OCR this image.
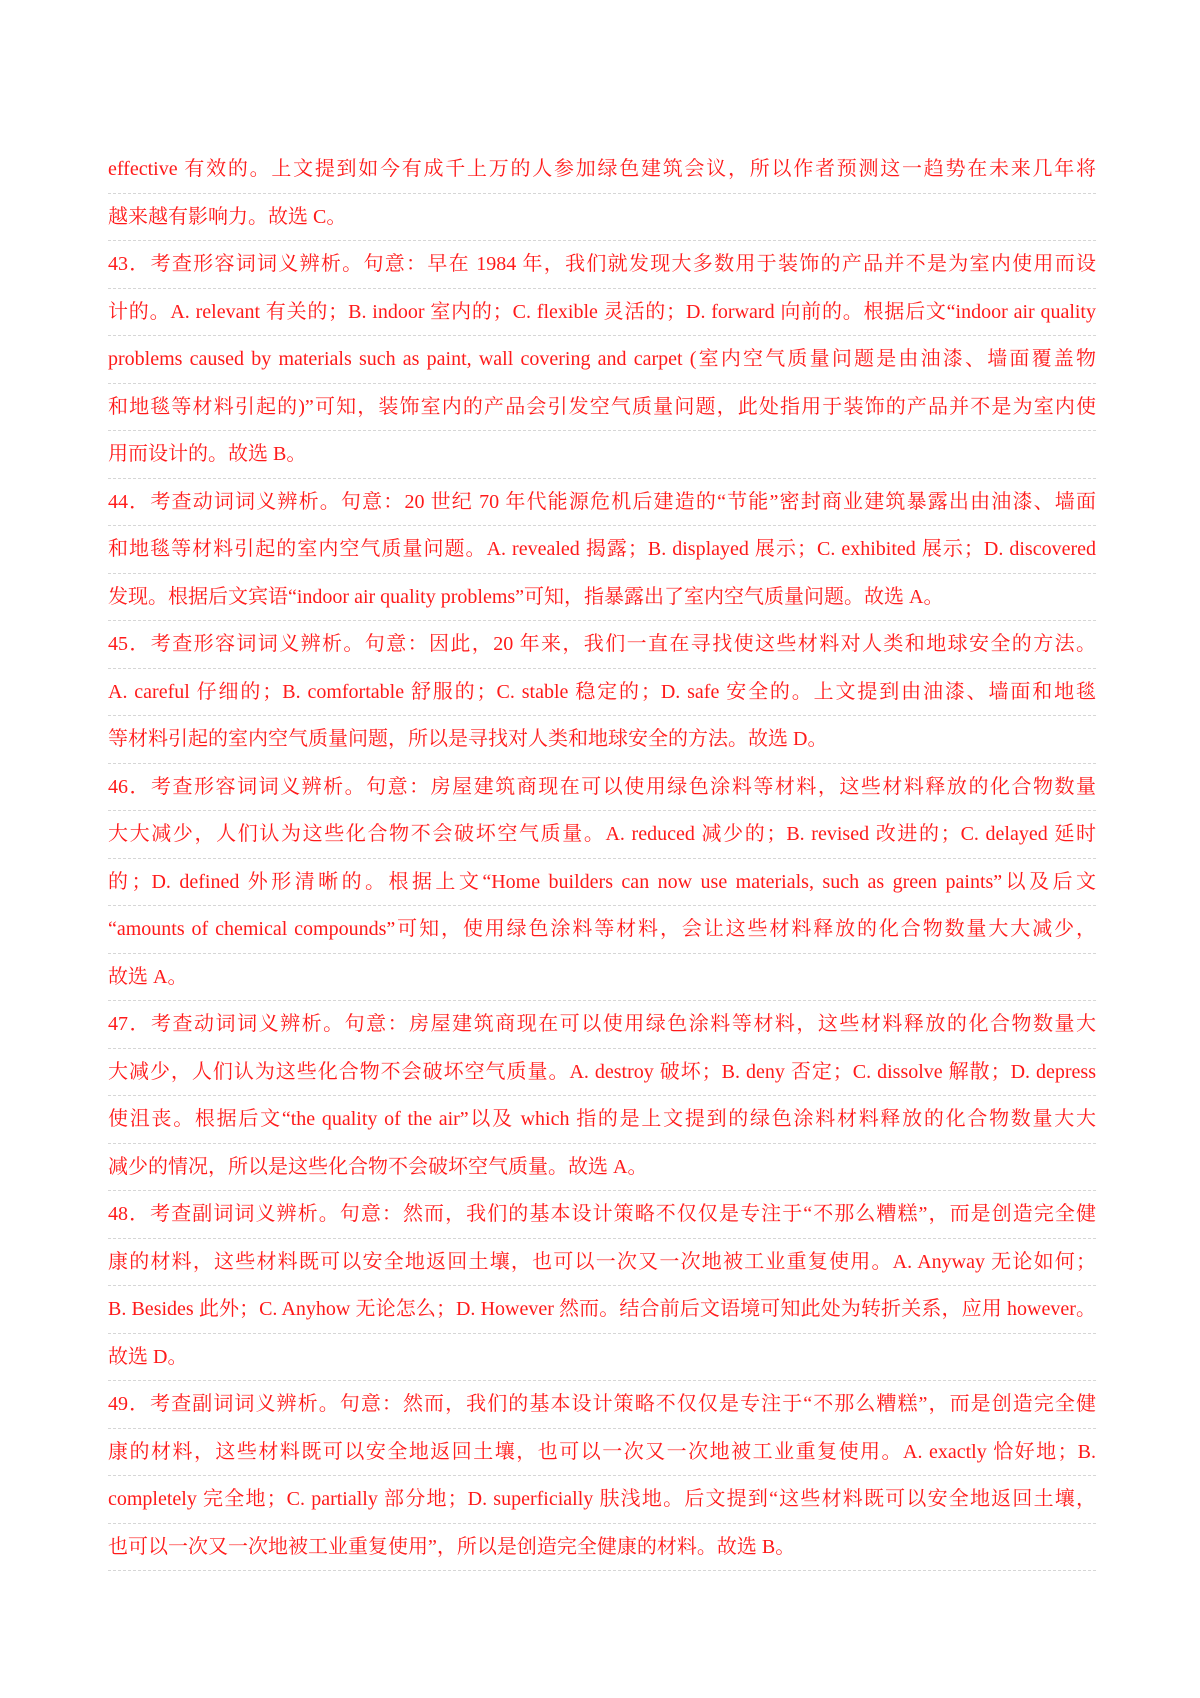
effective 有效的。上文提到如今有成千上万的人参加绿色建筑会议，所以作者预测这一趋势在未来几年将
越来越有影响力。故选 C。
43．考查形容词词义辨析。句意：早在 1984 年，我们就发现大多数用于装饰的产品并不是为室内使用而设
计的。A. relevant 有关的；B. indoor 室内的；C. flexible 灵活的；D. forward 向前的。根据后文“indoor air quality
problems caused by materials such as paint, wall covering and carpet (室内空气质量问题是由油漆、墙面覆盖物
和地毯等材料引起的)”可知，装饰室内的产品会引发空气质量问题，此处指用于装饰的产品并不是为室内使
用而设计的。故选 B。
44．考查动词词义辨析。句意：20 世纪 70 年代能源危机后建造的“节能”密封商业建筑暴露出由油漆、墙面
和地毯等材料引起的室内空气质量问题。A. revealed 揭露；B. displayed 展示；C. exhibited 展示；D. discovered
发现。根据后文宾语“indoor air quality problems”可知，指暴露出了室内空气质量问题。故选 A。
45．考查形容词词义辨析。句意：因此，20 年来，我们一直在寻找使这些材料对人类和地球安全的方法。
A. careful 仔细的；B. comfortable 舒服的；C. stable 稳定的；D. safe 安全的。上文提到由油漆、墙面和地毯
等材料引起的室内空气质量问题，所以是寻找对人类和地球安全的方法。故选 D。
46．考查形容词词义辨析。句意：房屋建筑商现在可以使用绿色涂料等材料，这些材料释放的化合物数量
大大减少，人们认为这些化合物不会破坏空气质量。A. reduced 减少的；B. revised 改进的；C. delayed 延时
的；D. defined 外形清晰的。根据上文“Home builders can now use materials, such as green paints”以及后文
“amounts of chemical compounds”可知，使用绿色涂料等材料，会让这些材料释放的化合物数量大大减少，
故选 A。
47．考查动词词义辨析。句意：房屋建筑商现在可以使用绿色涂料等材料，这些材料释放的化合物数量大
大减少，人们认为这些化合物不会破坏空气质量。A. destroy 破坏；B. deny 否定；C. dissolve 解散；D. depress
使沮丧。根据后文“the quality of the air”以及 which 指的是上文提到的绿色涂料材料释放的化合物数量大大
减少的情况，所以是这些化合物不会破坏空气质量。故选 A。
48．考查副词词义辨析。句意：然而，我们的基本设计策略不仅仅是专注于“不那么糟糕”，而是创造完全健
康的材料，这些材料既可以安全地返回土壤，也可以一次又一次地被工业重复使用。A. Anyway 无论如何；
B. Besides 此外；C. Anyhow 无论怎么；D. However 然而。结合前后文语境可知此处为转折关系，应用 however。
故选 D。
49．考查副词词义辨析。句意：然而，我们的基本设计策略不仅仅是专注于“不那么糟糕”，而是创造完全健
康的材料，这些材料既可以安全地返回土壤，也可以一次又一次地被工业重复使用。A. exactly 恰好地；B.
completely 完全地；C. partially 部分地；D. superficially 肤浅地。后文提到“这些材料既可以安全地返回土壤，
也可以一次又一次地被工业重复使用”，所以是创造完全健康的材料。故选 B。
